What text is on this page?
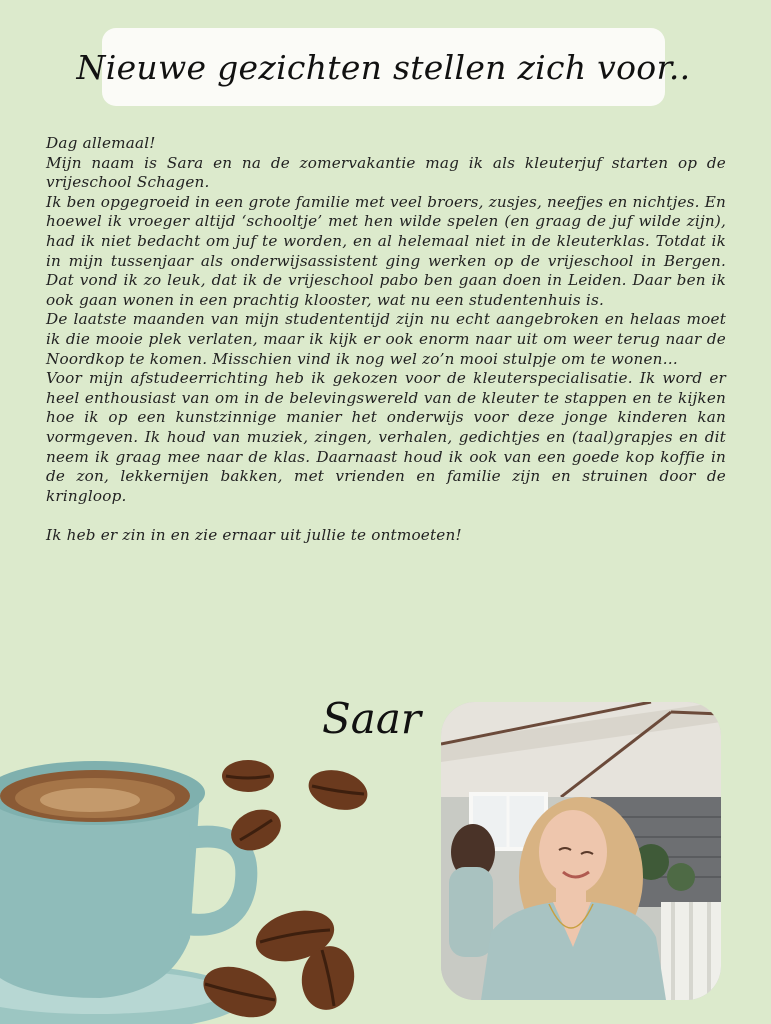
Nieuwe gezichten stellen zich voor..

Dag allemaal!

Mijn naam is Sara en na de zomervakantie mag ik als kleuterjuf starten op de vrijeschool Schagen.

Ik ben opgegroeid in een grote familie met veel broers, zusjes, neefjes en nichtjes. En hoewel ik vroeger altijd ‘schooltje’ met hen wilde spelen (en graag de juf wilde zijn), had ik niet bedacht om juf te worden, en al helemaal niet in de kleuterklas. Totdat ik in mijn tussenjaar als onderwijsassistent ging werken op de vrijeschool in Bergen. Dat vond ik zo leuk, dat ik de vrijeschool pabo ben gaan doen in Leiden. Daar ben ik ook gaan wonen in een prachtig klooster, wat nu een studentenhuis is.

De laatste maanden van mijn studententijd zijn nu echt aangebroken en helaas moet ik die mooie plek verlaten, maar ik kijk er ook enorm naar uit om weer terug naar de Noordkop te komen. Misschien vind ik nog wel zo’n mooi stulpje om te wonen…

Voor mijn afstudeerrichting heb ik gekozen voor de kleuterspecialisatie. Ik word er heel enthousiast van om in de belevingswereld van de kleuter te stappen en te kijken hoe ik op een kunstzinnige manier het onderwijs voor deze jonge kinderen kan vormgeven. Ik houd van muziek, zingen, verhalen, gedichtjes en (taal)grapjes en dit neem ik graag mee naar de klas. Daarnaast houd ik ook van een goede kop koffie in de zon, lekkernijen bakken, met vrienden en familie zijn en struinen door de kringloop.

Ik heb er zin in en zie ernaar uit jullie te ontmoeten!

Saar
